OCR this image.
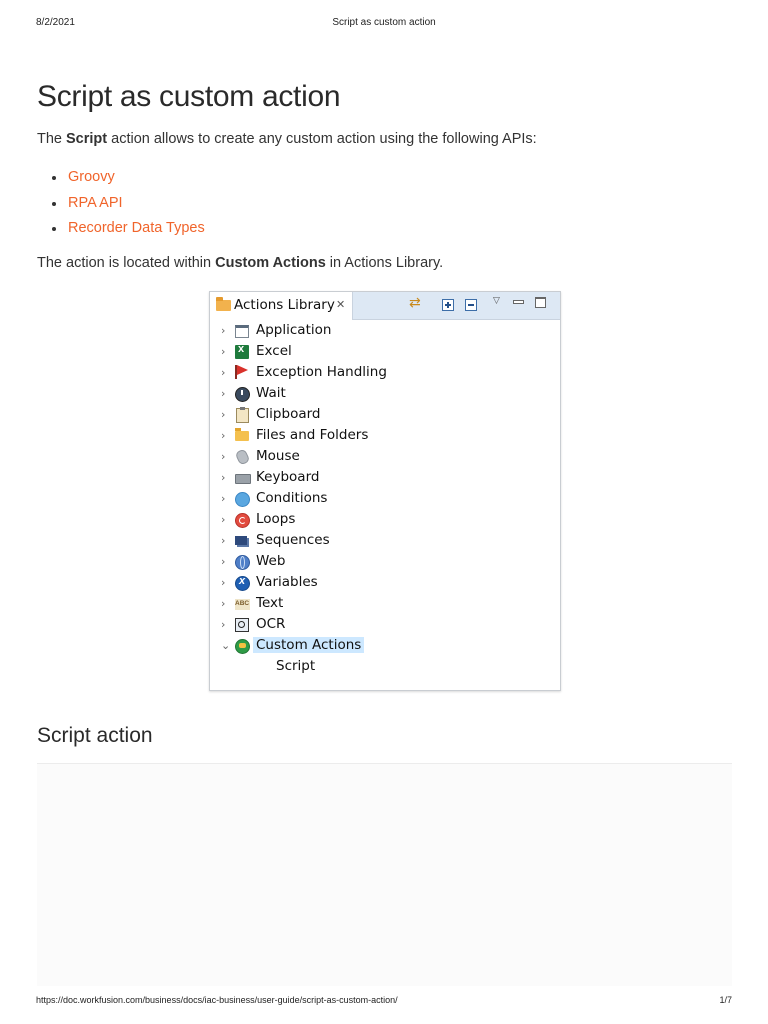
8/2/2021	Script as custom action
Script as custom action

The Script action allows to create any custom action using the following APIs:

Groovy
RPA API
Recorder Data Types

The action is located within Custom Actions in Actions Library.

Actions Library ✕	⇄	▽
› Application
› x Excel
› Exception Handling
› Wait
› Clipboard
› Files and Folders
› Mouse
› Keyboard
› Conditions
› Loops
› Sequences
› Web
› x Variables
› ABC Text
› OCR
⌄ Custom Actions
Script
Script action
https://doc.workfusion.com/business/docs/iac-business/user-guide/script-as-custom-action/	1/7
